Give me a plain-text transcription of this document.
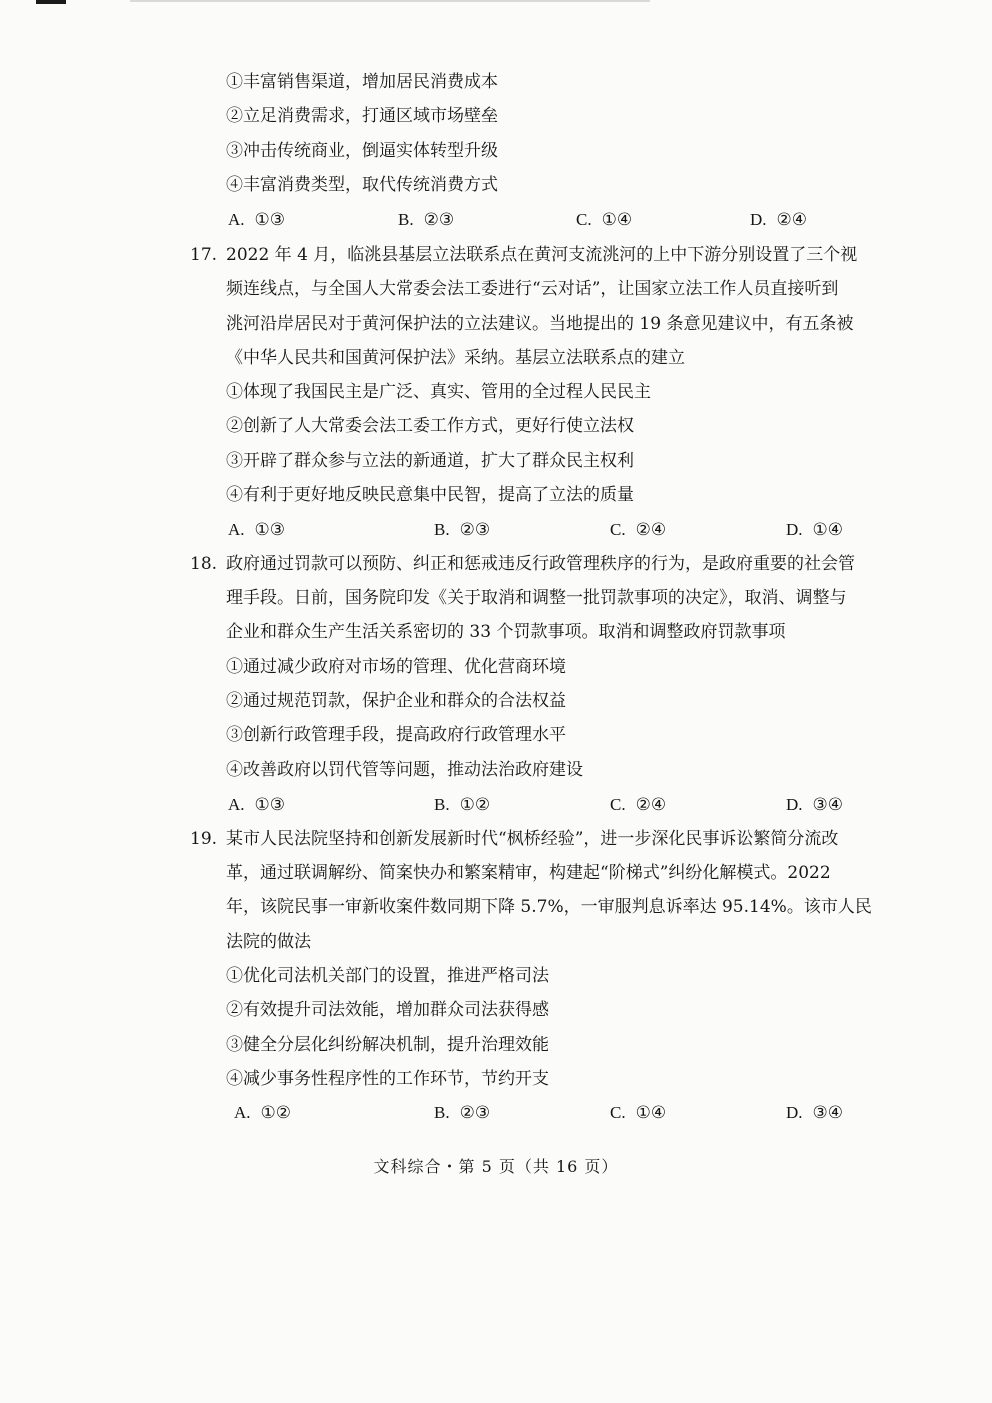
①丰富销售渠道，增加居民消费成本
②立足消费需求，打通区域市场壁垒
③冲击传统商业，倒逼实体转型升级
④丰富消费类型，取代传统消费方式
A. ①③	B. ②③	C. ①④	D. ②④
17. 2022 年 4 月，临洮县基层立法联系点在黄河支流洮河的上中下游分别设置了三个视
频连线点，与全国人大常委会法工委进行“云对话”，让国家立法工作人员直接听到
洮河沿岸居民对于黄河保护法的立法建议。当地提出的 19 条意见建议中，有五条被
《中华人民共和国黄河保护法》采纳。基层立法联系点的建立
①体现了我国民主是广泛、真实、管用的全过程人民民主
②创新了人大常委会法工委工作方式，更好行使立法权
③开辟了群众参与立法的新通道，扩大了群众民主权利
④有利于更好地反映民意集中民智，提高了立法的质量
A. ①③	B. ②③	C. ②④	D. ①④
18. 政府通过罚款可以预防、纠正和惩戒违反行政管理秩序的行为，是政府重要的社会管
理手段。日前，国务院印发《关于取消和调整一批罚款事项的决定》，取消、调整与
企业和群众生产生活关系密切的 33 个罚款事项。取消和调整政府罚款事项
①通过减少政府对市场的管理、优化营商环境
②通过规范罚款，保护企业和群众的合法权益
③创新行政管理手段，提高政府行政管理水平
④改善政府以罚代管等问题，推动法治政府建设
A. ①③	B. ①②	C. ②④	D. ③④
19. 某市人民法院坚持和创新发展新时代“枫桥经验”，进一步深化民事诉讼繁简分流改
革，通过联调解纷、简案快办和繁案精审，构建起“阶梯式”纠纷化解模式。2022
年，该院民事一审新收案件数同期下降 5.7%，一审服判息诉率达 95.14%。该市人民
法院的做法
①优化司法机关部门的设置，推进严格司法
②有效提升司法效能，增加群众司法获得感
③健全分层化纠纷解决机制，提升治理效能
④减少事务性程序性的工作环节，节约开支
A. ①②	B. ②③	C. ①④	D. ③④
文科综合・第 5 页（共 16 页）
